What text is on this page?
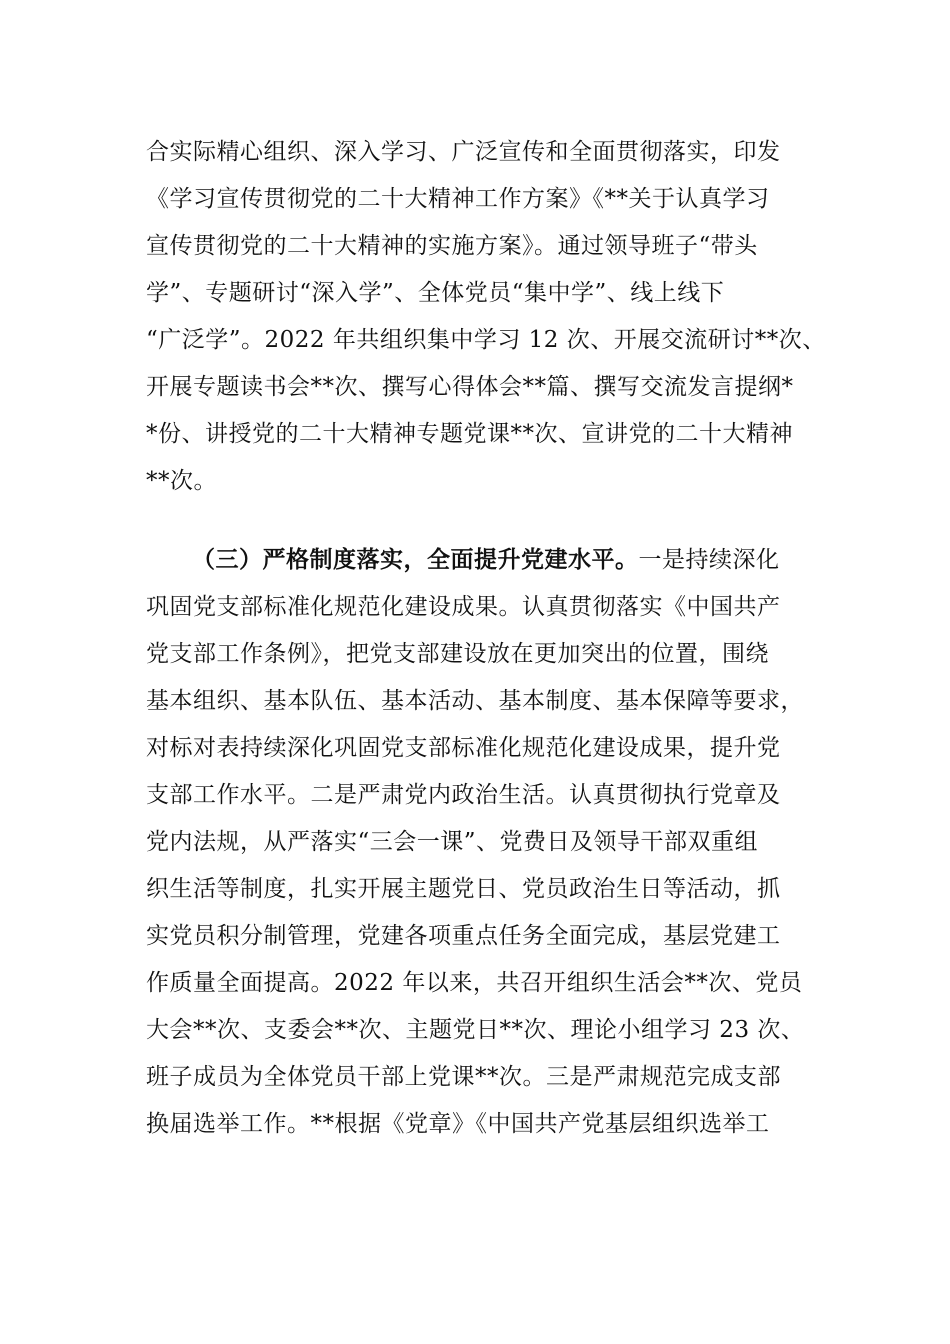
合实际精心组织、深入学习、广泛宣传和全面贯彻落实，印发
《学习宣传贯彻党的二十大精神工作方案》《**关于认真学习
宣传贯彻党的二十大精神的实施方案》。通过领导班子“带头
学”、专题研讨“深入学”、全体党员“集中学”、线上线下
“广泛学”。2022 年共组织集中学习 12 次、开展交流研讨**次、
开展专题读书会**次、撰写心得体会**篇、撰写交流发言提纲*
*份、讲授党的二十大精神专题党课**次、宣讲党的二十大精神
**次。
（三）严格制度落实，全面提升党建水平。一是持续深化
巩固党支部标准化规范化建设成果。认真贯彻落实《中国共产
党支部工作条例》，把党支部建设放在更加突出的位置，围绕
基本组织、基本队伍、基本活动、基本制度、基本保障等要求，
对标对表持续深化巩固党支部标准化规范化建设成果，提升党
支部工作水平。二是严肃党内政治生活。认真贯彻执行党章及
党内法规，从严落实“三会一课”、党费日及领导干部双重组
织生活等制度，扎实开展主题党日、党员政治生日等活动，抓
实党员积分制管理，党建各项重点任务全面完成，基层党建工
作质量全面提高。2022 年以来，共召开组织生活会**次、党员
大会**次、支委会**次、主题党日**次、理论小组学习 23 次、
班子成员为全体党员干部上党课**次。三是严肃规范完成支部
换届选举工作。**根据《党章》《中国共产党基层组织选举工
